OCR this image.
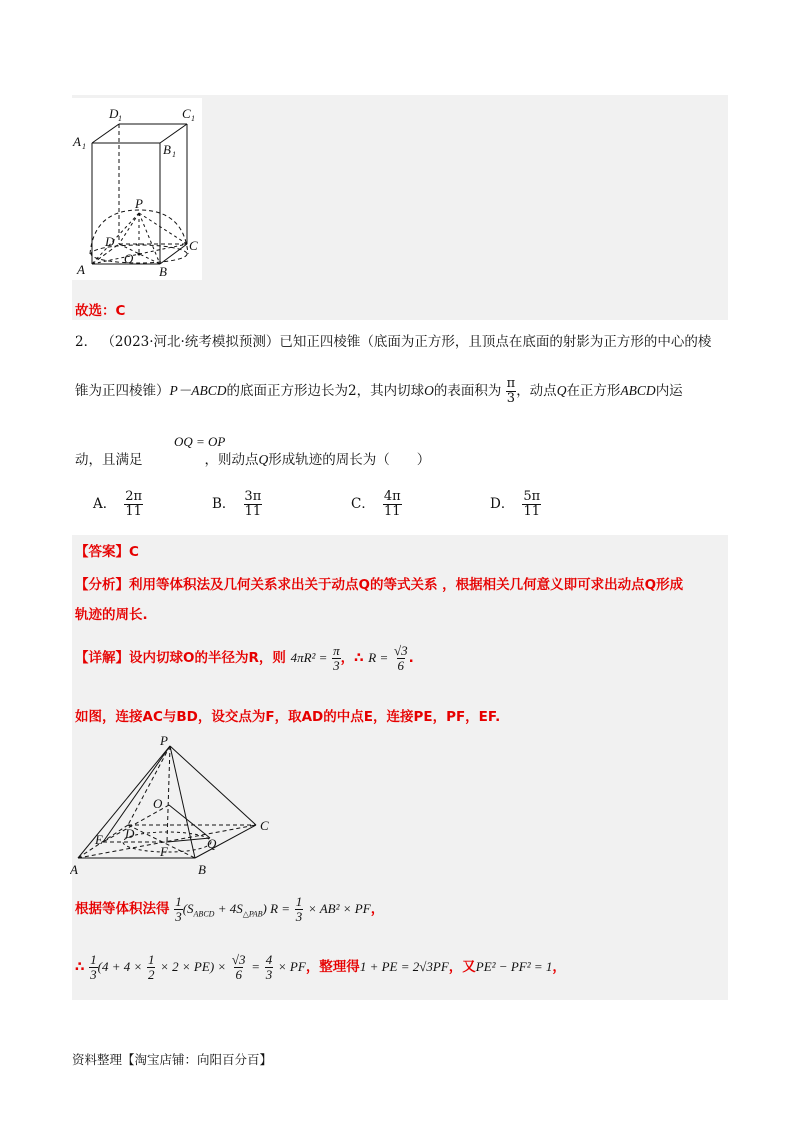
D 1	C 1
A 1	B 1
P
D	C
A
O
B
故选：C
2． （2023·河北·统考模拟预测）已知正四棱锥（底面为正方形，且顶点在底面的射影为正方形的中心的棱
锥为正四棱锥）P－ABCD的底面正方形边长为2，其内切球O的表面积为 $\frac{\pi}{3}$ ，动点Q在正方形ABCD内运
OQ = OP
动，且满足	，则动点Q形成轨迹的周长为（　　）
A． $\frac{2\pi}{11}$	B． $\frac{3\pi}{11}$	C． $\frac{4\pi}{11}$	D． $\frac{5\pi}{11}$
【答案】C
【分析】利用等体积法及几何关系求出关于动点Q的等式关系 ，根据相关几何意义即可求出动点Q形成
轨迹的周长.
【详解】设内切球O的半径为R，则 $4\pi R^2 = \frac{\pi}{3}$ ，∴ $R = \frac{√3}{6}$ .
如图，连接AC与BD，设交点为F，取AD的中点E，连接PE，PF，EF.
P
O
E D
C
F
Q
A	B
根据等体积法得 $\frac{1}{3} (S_{ABCD} + 4S_{\triangle PAB}) R = \frac{1}{3} \times AB^2$ × PF，
∴ $\frac{1}{3} (4 + 4 \times \frac{1}{2} \times 2 \times PE) \times \frac{√3}{6} = \frac{4}{3}$ × PF，整理得1 + PE = 2√3PF，又PE² − PF² = 1，
资料整理【淘宝店铺：向阳百分百】
